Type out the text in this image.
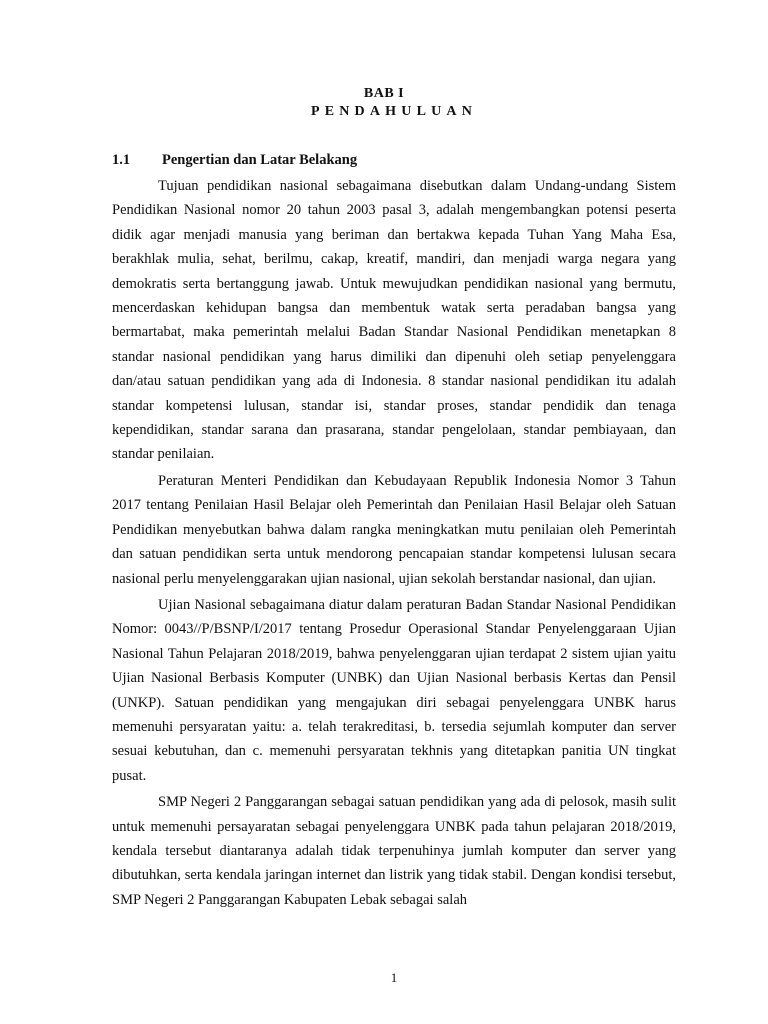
BAB I
PENDAHULUAN
1.1 Pengertian dan Latar Belakang

Tujuan pendidikan nasional sebagaimana disebutkan dalam Undang-undang Sistem Pendidikan Nasional nomor 20 tahun 2003 pasal 3, adalah mengembangkan potensi peserta didik agar menjadi manusia yang beriman dan bertakwa kepada Tuhan Yang Maha Esa, berakhlak mulia, sehat, berilmu, cakap, kreatif, mandiri, dan menjadi warga negara yang demokratis serta bertanggung jawab. Untuk mewujudkan pendidikan nasional yang bermutu, mencerdaskan kehidupan bangsa dan membentuk watak serta peradaban bangsa yang bermartabat, maka pemerintah melalui Badan Standar Nasional Pendidikan menetapkan 8 standar nasional pendidikan yang harus dimiliki dan dipenuhi oleh setiap penyelenggara dan/atau satuan pendidikan yang ada di Indonesia. 8 standar nasional pendidikan itu adalah standar kompetensi lulusan, standar isi, standar proses, standar pendidik dan tenaga kependidikan, standar sarana dan prasarana, standar pengelolaan, standar pembiayaan, dan standar penilaian.

Peraturan Menteri Pendidikan dan Kebudayaan Republik Indonesia Nomor 3 Tahun 2017 tentang Penilaian Hasil Belajar oleh Pemerintah dan Penilaian Hasil Belajar oleh Satuan Pendidikan menyebutkan bahwa dalam rangka meningkatkan mutu penilaian oleh Pemerintah dan satuan pendidikan serta untuk mendorong pencapaian standar kompetensi lulusan secara nasional perlu menyelenggarakan ujian nasional, ujian sekolah berstandar nasional, dan ujian.

Ujian Nasional sebagaimana diatur dalam peraturan Badan Standar Nasional Pendidikan Nomor: 0043//P/BSNP/I/2017 tentang Prosedur Operasional Standar Penyelenggaraan Ujian Nasional Tahun Pelajaran 2018/2019, bahwa penyelenggaran ujian terdapat 2 sistem ujian yaitu Ujian Nasional Berbasis Komputer (UNBK) dan Ujian Nasional berbasis Kertas dan Pensil (UNKP). Satuan pendidikan yang mengajukan diri sebagai penyelenggara UNBK harus memenuhi persyaratan yaitu: a. telah terakreditasi, b. tersedia sejumlah komputer dan server sesuai kebutuhan, dan c. memenuhi persyaratan tekhnis yang ditetapkan panitia UN tingkat pusat.

SMP Negeri 2 Panggarangan sebagai satuan pendidikan yang ada di pelosok, masih sulit untuk memenuhi persayaratan sebagai penyelenggara UNBK pada tahun pelajaran 2018/2019, kendala tersebut diantaranya adalah tidak terpenuhinya jumlah komputer dan server yang dibutuhkan, serta kendala jaringan internet dan listrik yang tidak stabil. Dengan kondisi tersebut, SMP Negeri 2 Panggarangan Kabupaten Lebak sebagai salah

1
